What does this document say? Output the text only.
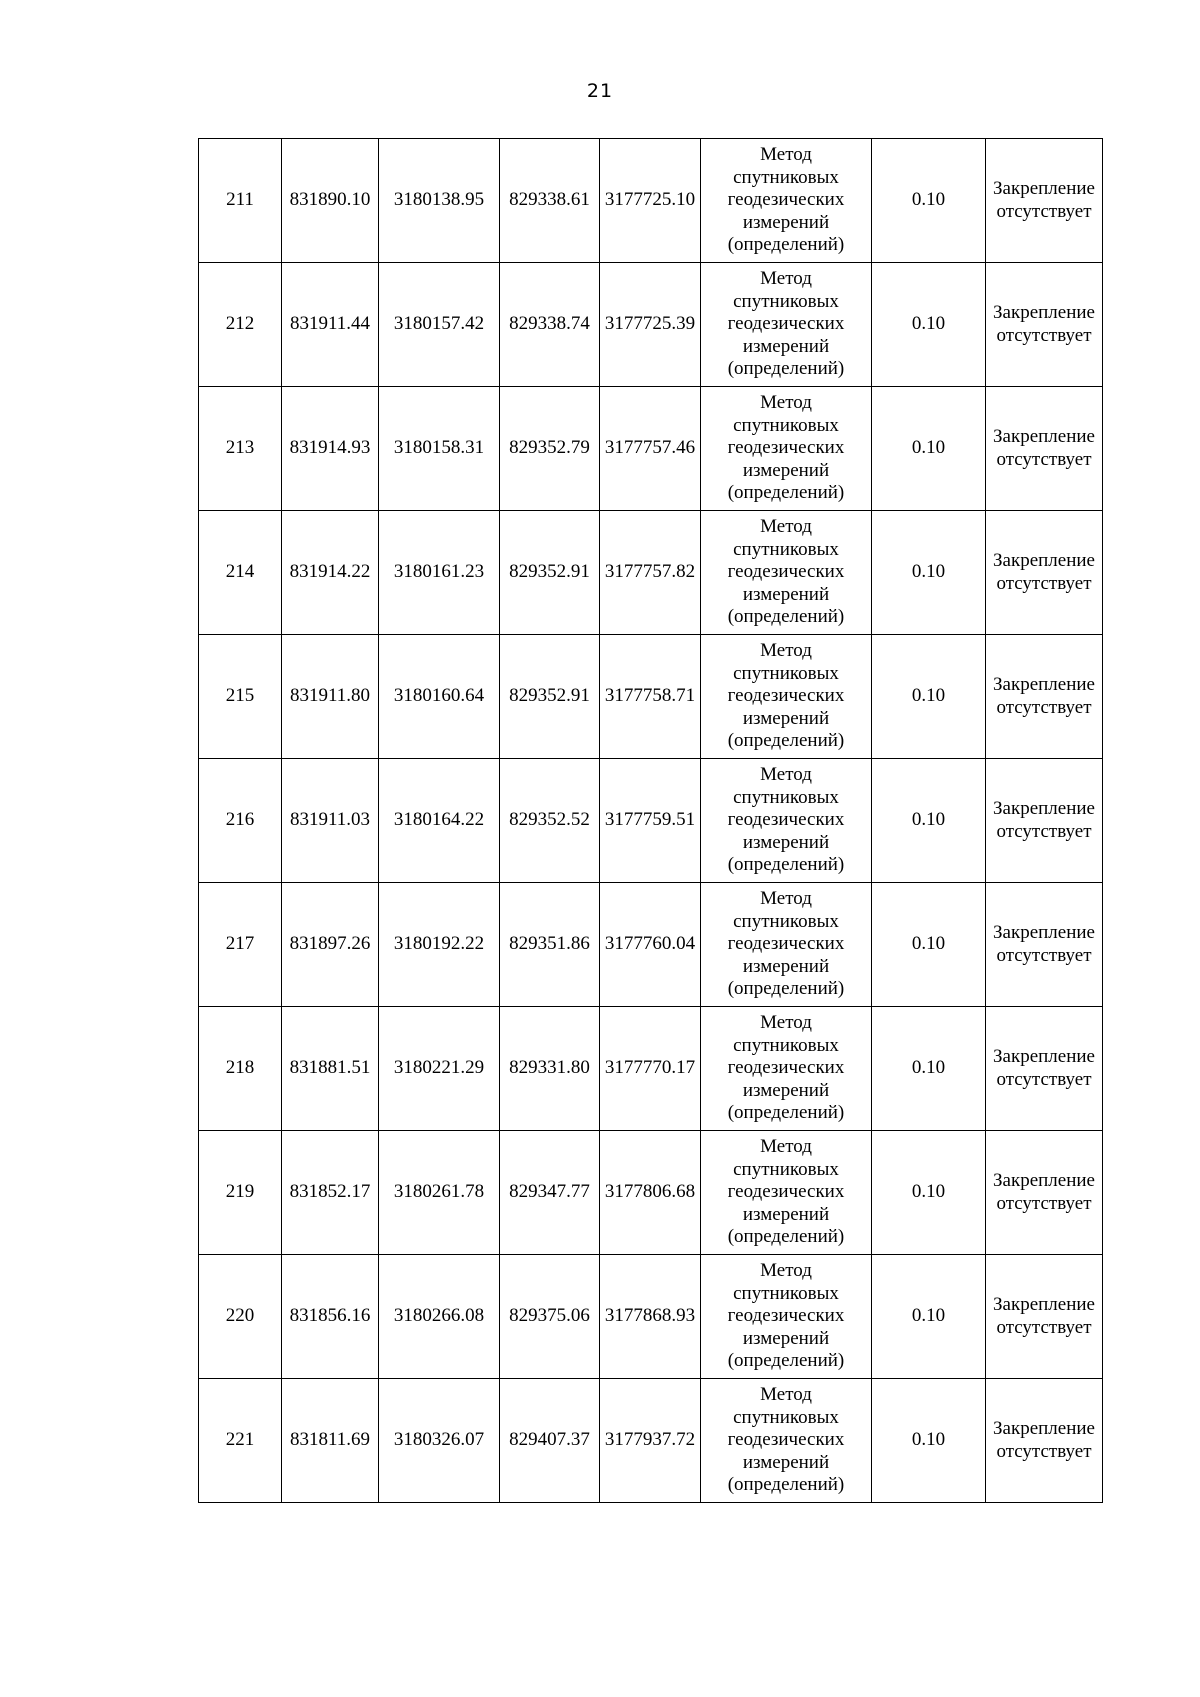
21
211	831890.10	3180138.95	829338.61	3177725.10	Метод
спутниковых
геодезических
измерений
(определений)	0.10	Закрепление
отсутствует

212	831911.44	3180157.42	829338.74	3177725.39	Метод
спутниковых
геодезических
измерений
(определений)	0.10	Закрепление
отсутствует

213	831914.93	3180158.31	829352.79	3177757.46	Метод
спутниковых
геодезических
измерений
(определений)	0.10	Закрепление
отсутствует

214	831914.22	3180161.23	829352.91	3177757.82	Метод
спутниковых
геодезических
измерений
(определений)	0.10	Закрепление
отсутствует

215	831911.80	3180160.64	829352.91	3177758.71	Метод
спутниковых
геодезических
измерений
(определений)	0.10	Закрепление
отсутствует

216	831911.03	3180164.22	829352.52	3177759.51	Метод
спутниковых
геодезических
измерений
(определений)	0.10	Закрепление
отсутствует

217	831897.26	3180192.22	829351.86	3177760.04	Метод
спутниковых
геодезических
измерений
(определений)	0.10	Закрепление
отсутствует

218	831881.51	3180221.29	829331.80	3177770.17	Метод
спутниковых
геодезических
измерений
(определений)	0.10	Закрепление
отсутствует

219	831852.17	3180261.78	829347.77	3177806.68	Метод
спутниковых
геодезических
измерений
(определений)	0.10	Закрепление
отсутствует

220	831856.16	3180266.08	829375.06	3177868.93	Метод
спутниковых
геодезических
измерений
(определений)	0.10	Закрепление
отсутствует

221	831811.69	3180326.07	829407.37	3177937.72	Метод
спутниковых
геодезических
измерений
(определений)	0.10	Закрепление
отсутствует
